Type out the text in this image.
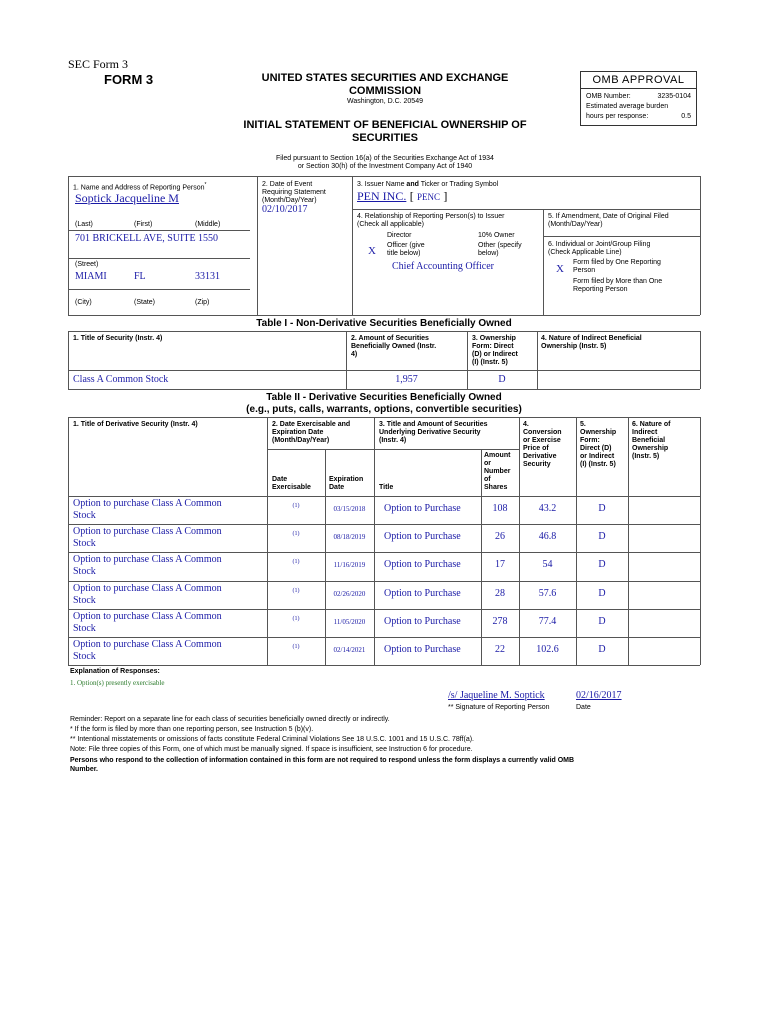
SEC Form 3
FORM 3	UNITED STATES SECURITIES AND EXCHANGE
COMMISSION
Washington, D.C. 20549
INITIAL STATEMENT OF BENEFICIAL OWNERSHIP OF
SECURITIES
Filed pursuant to Section 16(a) of the Securities Exchange Act of 1934
or Section 30(h) of the Investment Company Act of 1940
OMB APPROVAL
OMB Number:	3235-0104
Estimated average burden
hours per response:	0.5
1. Name and Address of Reporting Person*
Soptick Jacqueline M
(Last)	(First)	(Middle)
701 BRICKELL AVE, SUITE 1550
(Street)
MIAMI	FL	33131
(City)	(State)	(Zip)
2. Date of Event
Requiring Statement
(Month/Day/Year)
02/10/2017
3. Issuer Name and Ticker or Trading Symbol
PEN INC. [ PENC ]
4. Relationship of Reporting Person(s) to Issuer
(Check all applicable)
Director	10% Owner
X Officer (give
title below)
Other (specify
below)
Chief Accounting Officer
5. If Amendment, Date of Original Filed
(Month/Day/Year)
6. Individual or Joint/Group Filing
(Check Applicable Line)
X
Form filed by One Reporting
Person
Form filed by More than One
Reporting Person
Table I - Non-Derivative Securities Beneficially Owned
1. Title of Security (Instr. 4)	2. Amount of Securities
Beneficially Owned (Instr.
4)
3. Ownership
Form: Direct
(D) or Indirect
(I) (Instr. 5)
4. Nature of Indirect Beneficial
Ownership (Instr. 5)
Class A Common Stock	1,957	D
Table II - Derivative Securities Beneficially Owned
(e.g., puts, calls, warrants, options, convertible securities)
1. Title of Derivative Security (Instr. 4)	2. Date Exercisable and
Expiration Date
(Month/Day/Year)
Date
Exercisable
Expiration
Date
3. Title and Amount of Securities
Underlying Derivative Security
(Instr. 4)
Title
Amount
or
Number
of
Shares
4.
Conversion
or Exercise
Price of
Derivative
Security
5.
Ownership
Form:
Direct (D)
or Indirect
(I) (Instr. 5)
6. Nature of
Indirect
Beneficial
Ownership
(Instr. 5)
Option to purchase Class A Common
Stock
(1)	03/15/2018	Option to Purchase	108	43.2	D
Option to purchase Class A Common
Stock
(1)	08/18/2019	Option to Purchase	26	46.8	D
Option to purchase Class A Common
Stock
(1)	11/16/2019	Option to Purchase	17	54	D
Option to purchase Class A Common
Stock
(1)	02/26/2020	Option to Purchase	28	57.6	D
Option to purchase Class A Common
Stock
(1)	11/05/2020	Option to Purchase	278	77.4	D
Option to purchase Class A Common
Stock
(1)	02/14/2021	Option to Purchase	22	102.6	D
Explanation of Responses:
1. Option(s) presently exercisable
/s/ Jaqueline M. Soptick	02/16/2017
** Signature of Reporting Person	Date
Reminder: Report on a separate line for each class of securities beneficially owned directly or indirectly.
* If the form is filed by more than one reporting person, see Instruction 5 (b)(v).
** Intentional misstatements or omissions of facts constitute Federal Criminal Violations See 18 U.S.C. 1001 and 15 U.S.C. 78ff(a).
Note: File three copies of this Form, one of which must be manually signed. If space is insufficient, see Instruction 6 for procedure.
Persons who respond to the collection of information contained in this form are not required to respond unless the form displays a currently valid OMB
Number.
